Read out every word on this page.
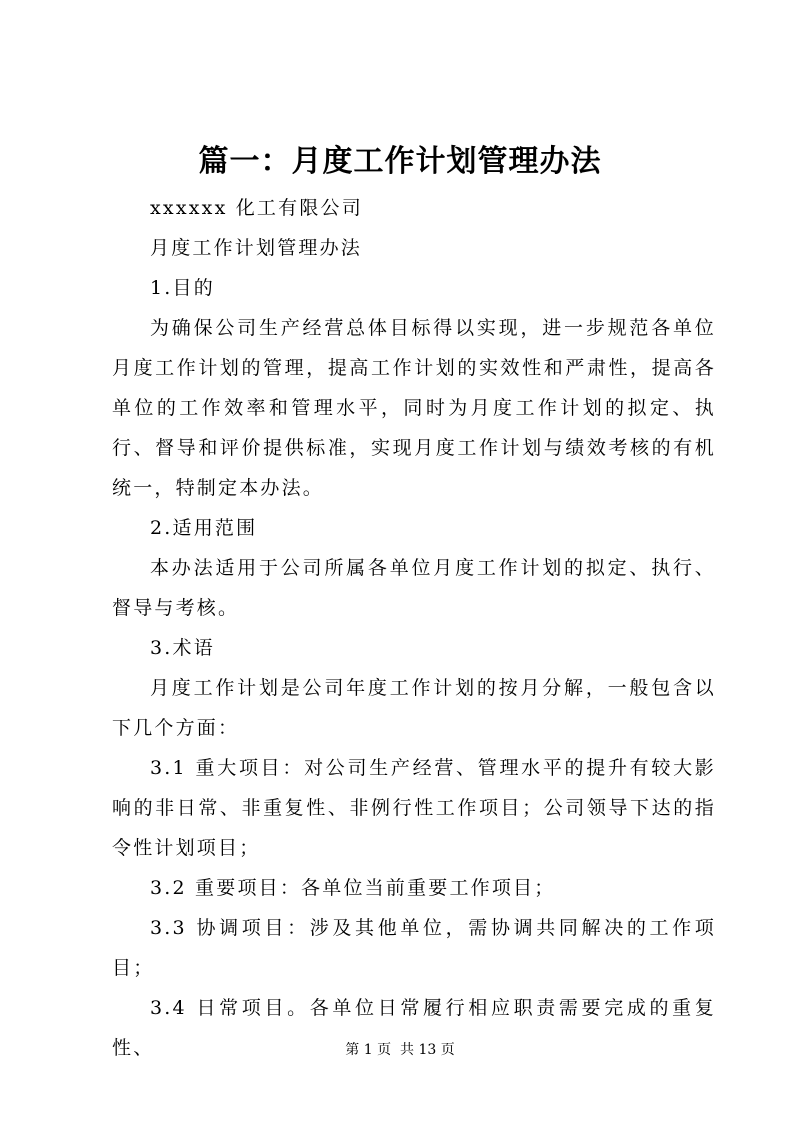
篇一：月度工作计划管理办法

xxxxxx 化工有限公司

月度工作计划管理办法

1.目的

为确保公司生产经营总体目标得以实现，进一步规范各单位月度工作计划的管理，提高工作计划的实效性和严肃性，提高各单位的工作效率和管理水平，同时为月度工作计划的拟定、执行、督导和评价提供标准，实现月度工作计划与绩效考核的有机统一，特制定本办法。

2.适用范围

本办法适用于公司所属各单位月度工作计划的拟定、执行、督导与考核。

3.术语

月度工作计划是公司年度工作计划的按月分解，一般包含以下几个方面：

3.1 重大项目：对公司生产经营、管理水平的提升有较大影响的非日常、非重复性、非例行性工作项目；公司领导下达的指令性计划项目；

3.2 重要项目：各单位当前重要工作项目；

3.3 协调项目：涉及其他单位，需协调共同解决的工作项目；

3.4 日常项目。各单位日常履行相应职责需要完成的重复性、	第 1 页  共 13 页
